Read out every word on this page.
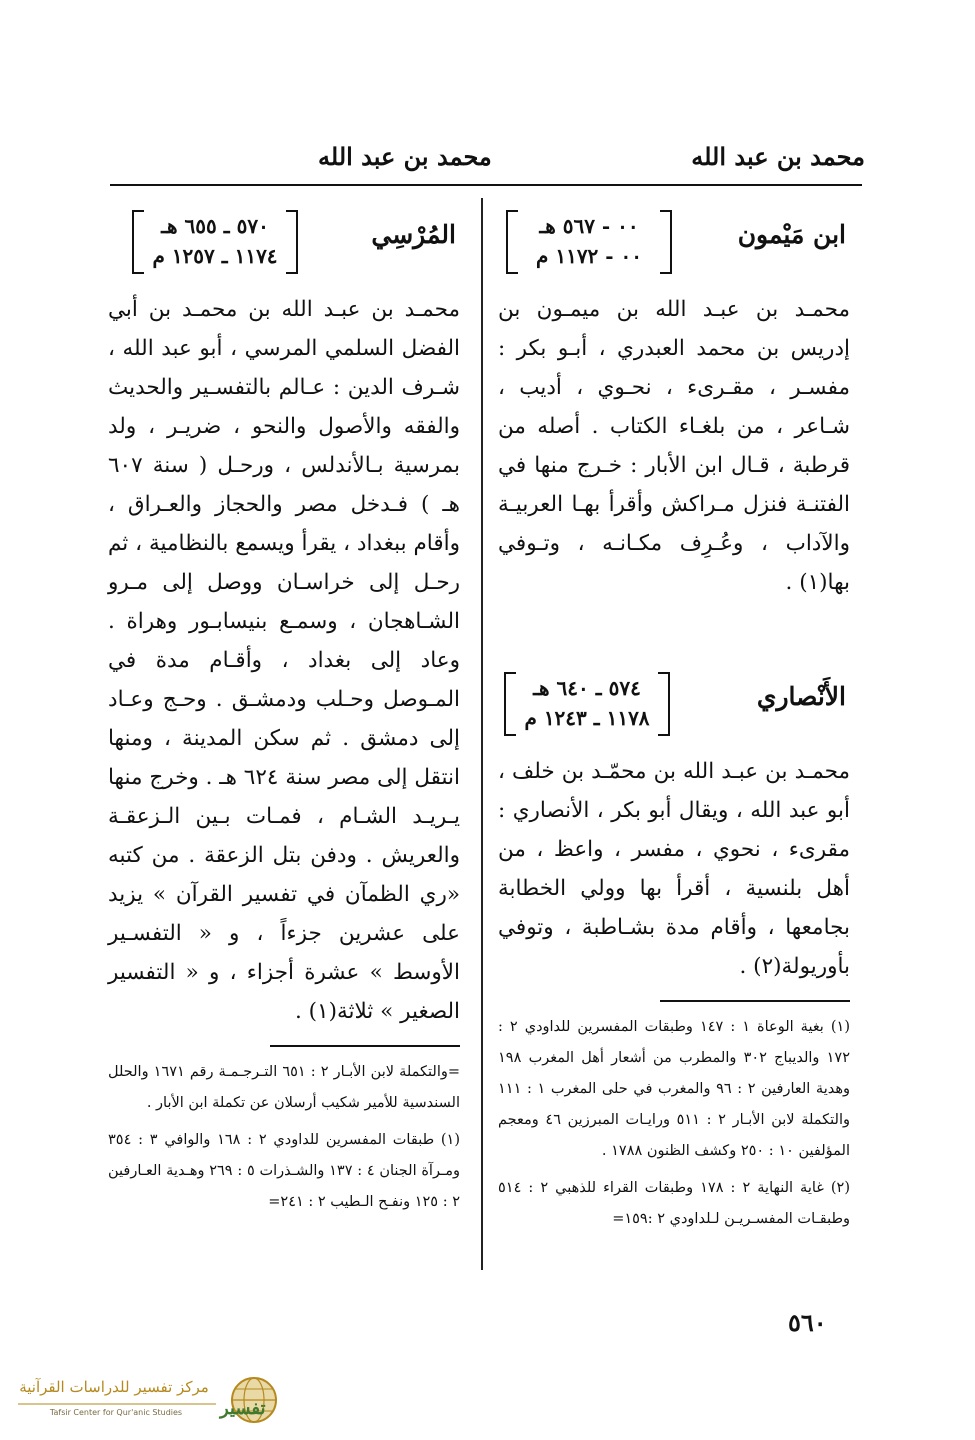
محمد بن عبد الله
محمد بن عبد الله
ابن مَيْمون
٠٠ - ٥٦٧ هـ
٠٠ - ١١٧٢ م

محمـد بن عبـد الله بن ميمـون بن إدريس بن محمد العبدري ، أبـو بكر : مفسـر ، مقـرىء ، نحـوي ، أديب ، شـاعر ، من بلغـاء الكتاب . أصله من قرطبة ، قـال ابن الأبار : خـرج منها في الفتنـة فنزل مـراكش وأقرأ بهـا العربيـة والآداب ، وعُـرِف مكـانـه ، وتـوفي بها(١) .

الأَنْصاري
٥٧٤ ـ ٦٤٠ هـ
١١٧٨ ـ ١٢٤٣ م

محمـد بن عبـد الله بن محمّـد بن خلف ، أبو عبد الله ، ويقال أبو بكر ، الأنصاري : مقرىء ، نحوي ، مفسر ، واعظ ، من أهل بلنسية ، أقرأ بها وولي الخطابة بجامعها ، وأقام مدة بشـاطبة ، وتوفي بأوريولة(٢) .

(١) بغية الوعاة ١ : ١٤٧ وطبقات المفسرين للداودي ٢ : ١٧٢ والديباج ٣٠٢ والمطرب من أشعار أهل المغرب ١٩٨ وهدية العارفين ٢ : ٩٦ والمغرب في حلى المغرب ١ : ١١١ والتكملة لابن الأبـار ٢ : ٥١١ ورايـات المبرزين ٤٦ ومعجم المؤلفين ١٠ : ٢٥٠ وكشف الظنون ١٧٨٨ .

(٢) غاية النهاية ٢ : ١٧٨ وطبقات القراء للذهبي ٢ : ٥١٤ وطبقـات المفسـريـن لـلداودي ٢ :١٥٩=

المُرْسِي
٥٧٠ ـ ٦٥٥ هـ
١١٧٤ ـ ١٢٥٧ م

محمـد بن عبـد الله بن محمـد بن أبي الفضل السلمي المرسي ، أبو عبد الله ، شـرف الدين : عـالم بالتفسـير والحديث والفقه والأصول والنحو ، ضريـر ، ولد بمرسية بـالأندلس ، ورحـل ( سنة ٦٠٧ هـ ) فـدخل مصر والحجاز والعـراق ، وأقام ببغداد ، يقرأ ويسمع بالنظامية ، ثم رحـل إلى خراسـان ووصل إلى مـرو الشـاهجان ، وسمـع بنيسابـور وهراة . وعاد إلى بغداد ، وأقـام مدة في المـوصل وحـلب ودمشـق . وحـج وعـاد إلى دمشق . ثم سكن المدينة ، ومنها انتقل إلى مصر سنة ٦٢٤ هـ . وخرج منها يـريـد الشـام ، فمـات بـين الـزعقـة والعريش . ودفن بتل الزعقة . من كتبه «ري الظمآن في تفسير القرآن » يزيد على عشرين جزءاً ، و « التفسـير الأوسط » عشرة أجزاء ، و « التفسير الصغير » ثلاثة(١) .

=والتكملة لابن الأبـار ٢ : ٦٥١ التـرجـمـة رقم ١٦٧١ والحلل السندسية للأمير شكيب أرسلان عن تكملة ابن الأبار .

(١) طبقات المفسرين للداودي ٢ : ١٦٨ والوافي ٣ : ٣٥٤ ومـرآة الجنان ٤ : ١٣٧ والشـذرات ٥ : ٢٦٩ وهـدية العـارفين ٢ : ١٢٥ ونفـح الـطيب ٢ : ٢٤١=

٥٦٠
مركز تفسير للدراسات القرآنية
Tafsir Center for Qur'anic Studies	تفسير
